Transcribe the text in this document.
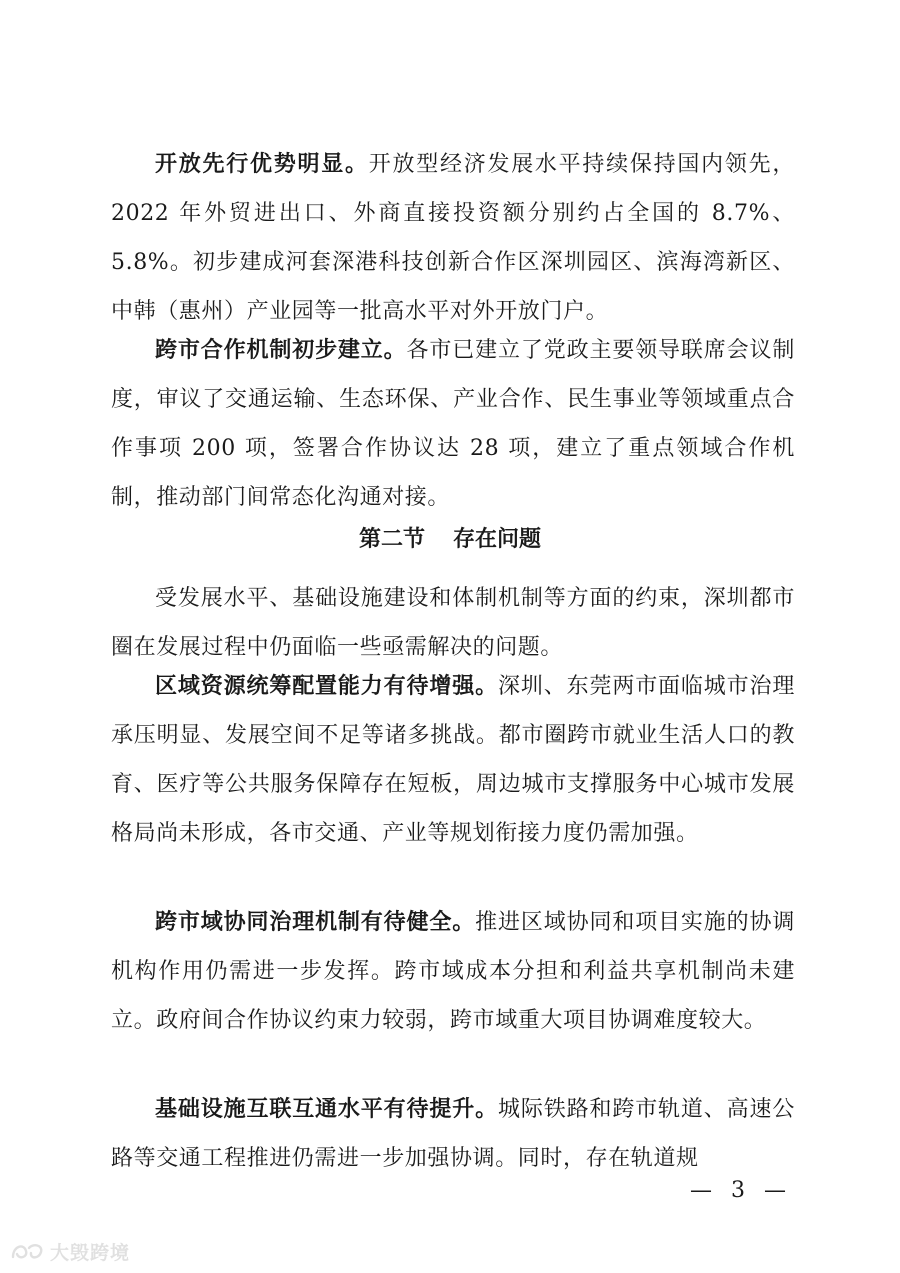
开放先行优势明显。开放型经济发展水平持续保持国内领先，2022 年外贸进出口、外商直接投资额分别约占全国的 8.7%、5.8%。初步建成河套深港科技创新合作区深圳园区、滨海湾新区、中韩（惠州）产业园等一批高水平对外开放门户。

跨市合作机制初步建立。各市已建立了党政主要领导联席会议制度，审议了交通运输、生态环保、产业合作、民生事业等领域重点合作事项 200 项，签署合作协议达 28 项，建立了重点领域合作机制，推动部门间常态化沟通对接。

第二节 存在问题

受发展水平、基础设施建设和体制机制等方面的约束，深圳都市圈在发展过程中仍面临一些亟需解决的问题。

区域资源统筹配置能力有待增强。深圳、东莞两市面临城市治理承压明显、发展空间不足等诸多挑战。都市圈跨市就业生活人口的教育、医疗等公共服务保障存在短板，周边城市支撑服务中心城市发展格局尚未形成，各市交通、产业等规划衔接力度仍需加强。

跨市域协同治理机制有待健全。推进区域协同和项目实施的协调机构作用仍需进一步发挥。跨市域成本分担和利益共享机制尚未建立。政府间合作协议约束力较弱，跨市域重大项目协调难度较大。

基础设施互联互通水平有待提升。城际铁路和跨市轨道、高速公路等交通工程推进仍需进一步加强协调。同时，存在轨道规

— 3 —
大毁跨境
